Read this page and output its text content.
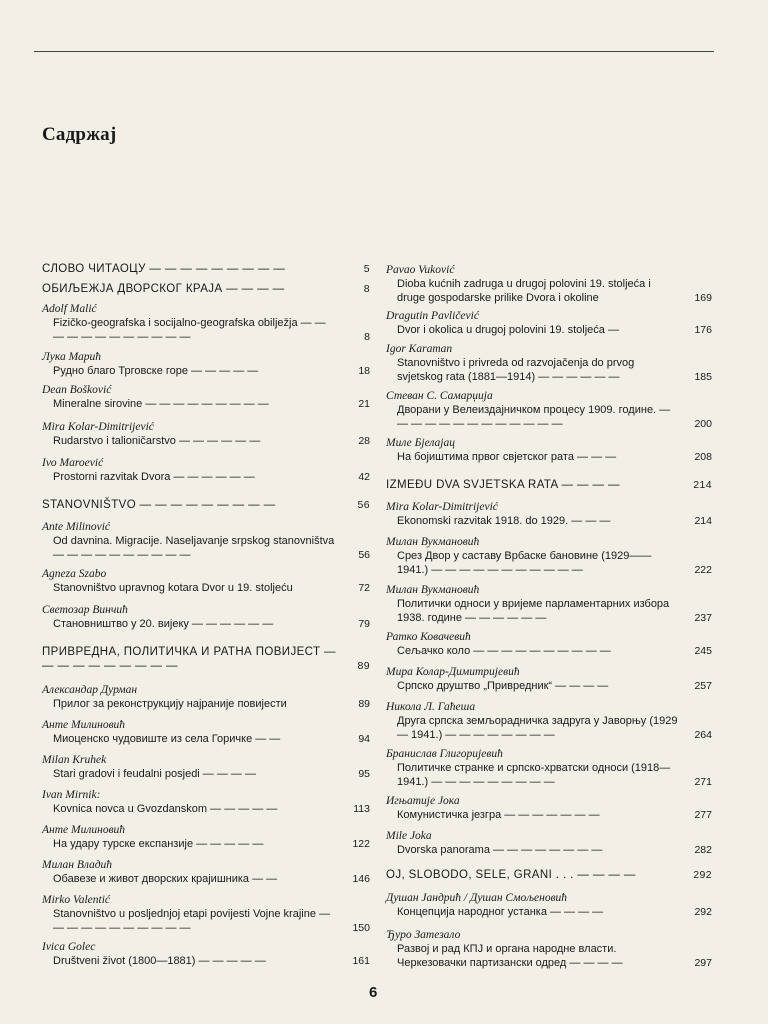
Садржај
СЛОВО ЧИТАОЦУ — — — — — — — — —	5
ОБИЉЕЖЈА ДВОРСКОГ КРАЈА — — — —	8
Adolf Malić
Fizičko-geografska i socijalno-geografska obilježja — — — — — — — — — — — —	8
Лука Марић
Рудно благо Трговске горе — — — — —	18
Dean Bošković
Mineralne sirovine — — — — — — — — —	21
Mira Kolar-Dimitrijević
Rudarstvo i talioničarstvo — — — — — —	28
Ivo Maroević
Prostorni razvitak Dvora — — — — — —	42
STANOVNIŠTVO — — — — — — — — —	56
Ante Milinović
Od davnina. Migracije. Naseljavanje srpskog stanovništva — — — — — — — — — —	56
Agneza Szabo
Stanovništvo upravnog kotara Dvor u 19. stoljeću	72
Светозар Винчић
Становништво у 20. вијеку — — — — — —	79
ПРИВРЕДНА, ПОЛИТИЧКА И РАТНА ПОВИЈЕСТ — — — — — — — — — —	89
Александар Дурман
Прилог за реконструкцију најраније повијести	89
Анте Милиновић
Миоценско чудовиште из села Горичке — —	94
Milan Kruhek
Stari gradovi i feudalni posjedi — — — —	95
Ivan Mirnik:
Kovnica novca u Gvozdanskom — — — — —	113
Анте Милиновић
На удару турске експанзије — — — — —	122
Милан Владић
Обавезе и живот дворских крајишника — —	146
Mirko Valentić
Stanovništvo u posljednjoj etapi povijesti Vojne krajine — — — — — — — — — — —	150
Ivica Golec
Društveni život (1800—1881) — — — — —	161
Pavao Vuković
Dioba kućnih zadruga u drugoj polovini 19. stoljeća i druge gospodarske prilike Dvora i okoline	169
Dragutin Pavličević
Dvor i okolica u drugoj polovini 19. stoljeća —	176
Igor Karaman
Stanovništvo i privreda od razvojačenja do prvog svjetskog rata (1881—1914) — — — — — —	185
Стеван С. Самарџија
Дворани у Велеиздајничком процесу 1909. године. — — — — — — — — — — — — —	200
Миле Бјелајац
На бојиштима првог свјетског рата — — —	208
IZMEĐU DVA SVJETSKA RATA — — — —	214
Mira Kolar-Dimitrijević
Ekonomski razvitak 1918. do 1929. — — —	214
Милан Вукмановић
Срез Двор у саставу Врбаске бановине (1929——1941.) — — — — — — — — — — —	222
Милан Вукмановић
Политички односи у вријеме парламентарних избора 1938. године — — — — — —	237
Ратко Ковачевић
Сељачко коло — — — — — — — — — —	245
Мира Колар-Димитријевић
Српско друштво „Привредник“ — — — —	257
Никола Л. Гаћеша
Друга српска земљорадничка задруга у Јаворњу (1929— 1941.) — — — — — — — —	264
Бранислав Глигоријевић
Политичке странке и српско-хрватски односи (1918—1941.) — — — — — — — — —	271
Игњатије Јока
Комунистичка језгра — — — — — — —	277
Mile Joka
Dvorska panorama — — — — — — — —	282
OJ, SLOBODO, SELE, GRANI . . . — — — —	292
Душан Јандрић / Душан Смољеновић
Концепција народног устанка — — — —	292
Ђуро Затезало
Развој и рад КПЈ и органа народне власти. Черкезовачки партизански одред — — — —	297
6
